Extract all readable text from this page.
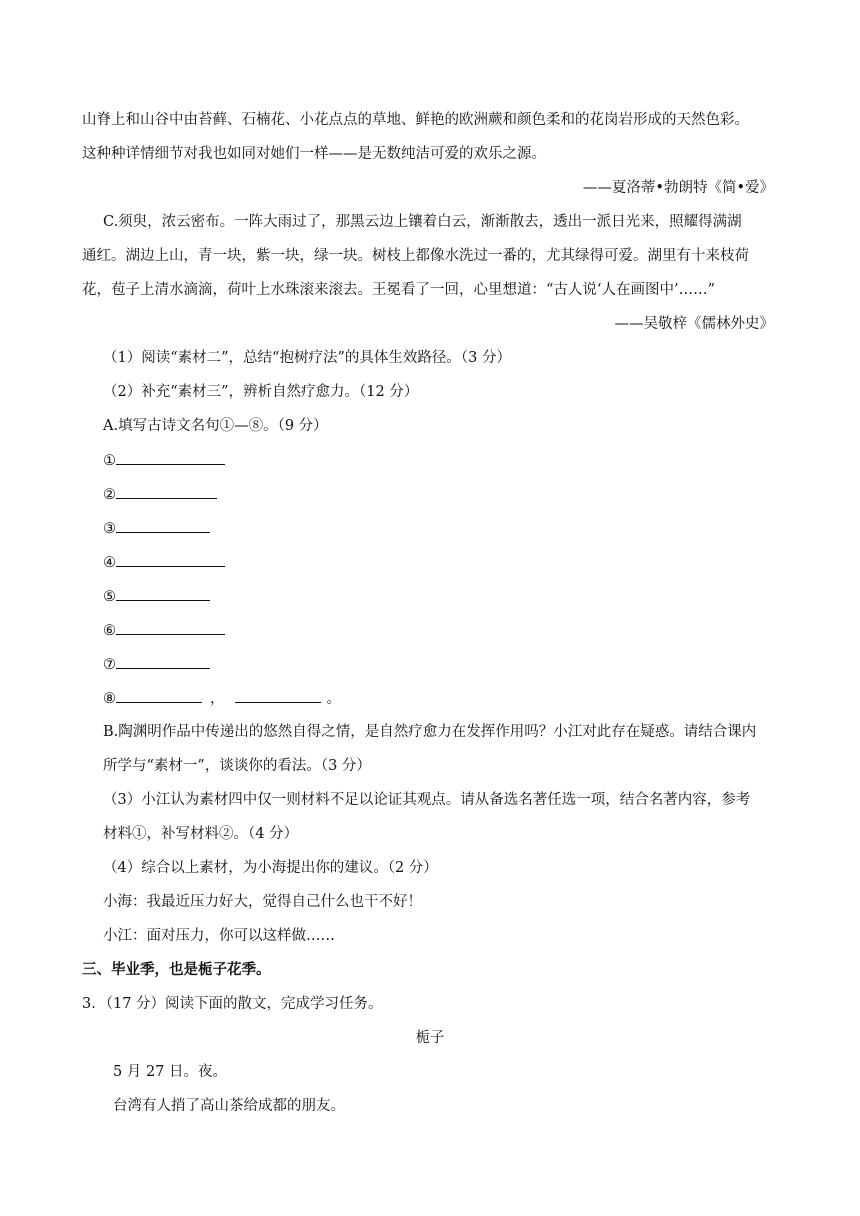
山脊上和山谷中由苔藓、石楠花、小花点点的草地、鲜艳的欧洲蕨和颜色柔和的花岗岩形成的天然色彩。
这种种详情细节对我也如同对她们一样——是无数纯洁可爱的欢乐之源。
——夏洛蒂•勃朗特《简•爱》
C.须臾，浓云密布。一阵大雨过了，那黑云边上镶着白云，渐渐散去，透出一派日光来，照耀得满湖
通红。湖边上山，青一块，紫一块，绿一块。树枝上都像水洗过一番的，尤其绿得可爱。湖里有十来枝荷
花，苞子上清水滴滴，荷叶上水珠滚来滚去。王冕看了一回，心里想道：“古人说‘人在画图中’……”
——吴敬梓《儒林外史》
（1）阅读“素材二”，总结“抱树疗法”的具体生效路径。（3 分）
（2）补充“素材三”，辨析自然疗愈力。（12 分）
A.填写古诗文名句①—⑧。（9 分）
①
②
③
④
⑤
⑥
⑦
⑧	，	。
B.陶渊明作品中传递出的悠然自得之情，是自然疗愈力在发挥作用吗？小江对此存在疑惑。请结合课内
所学与“素材一”，谈谈你的看法。（3 分）
（3）小江认为素材四中仅一则材料不足以论证其观点。请从备选名著任选一项，结合名著内容，参考
材料①，补写材料②。（4 分）
（4）综合以上素材，为小海提出你的建议。（2 分）
小海：我最近压力好大，觉得自己什么也干不好！
小江：面对压力，你可以这样做……
三、毕业季，也是栀子花季。
3．（17 分）阅读下面的散文，完成学习任务。
栀子
5 月 27 日。夜。
台湾有人捎了高山茶给成都的朋友。
